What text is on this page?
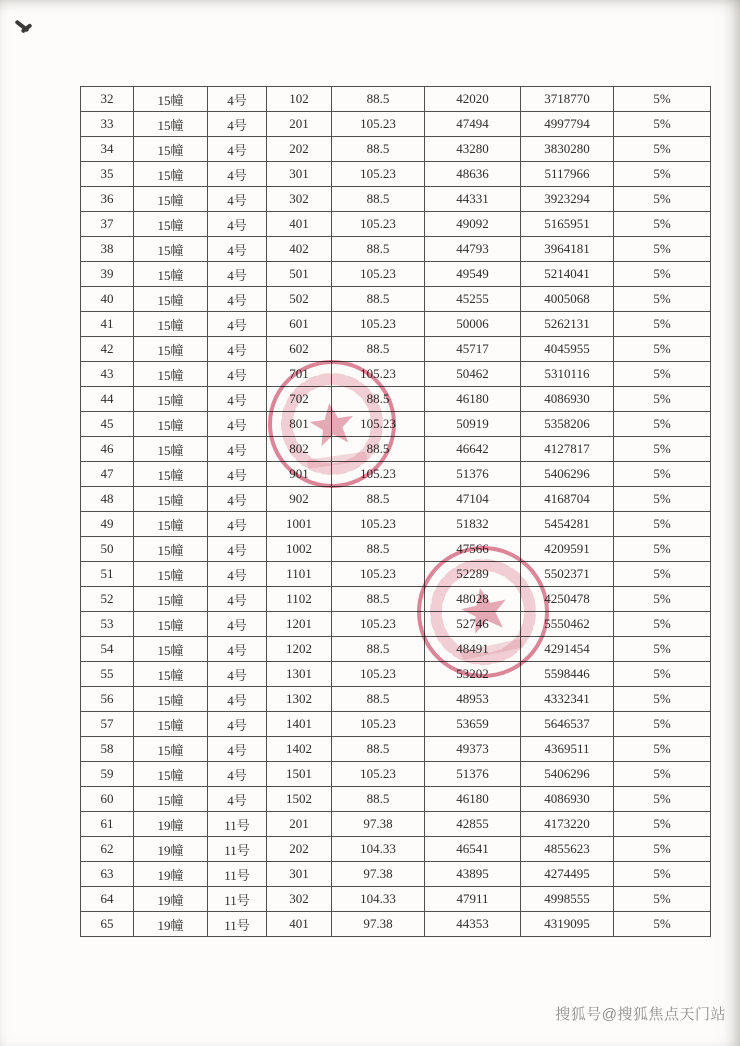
32	15幢	4号	102	88.5	42020	3718770	5%
33	15幢	4号	201	105.23	47494	4997794	5%
34	15幢	4号	202	88.5	43280	3830280	5%
35	15幢	4号	301	105.23	48636	5117966	5%
36	15幢	4号	302	88.5	44331	3923294	5%
37	15幢	4号	401	105.23	49092	5165951	5%
38	15幢	4号	402	88.5	44793	3964181	5%
39	15幢	4号	501	105.23	49549	5214041	5%
40	15幢	4号	502	88.5	45255	4005068	5%
41	15幢	4号	601	105.23	50006	5262131	5%
42	15幢	4号	602	88.5	45717	4045955	5%
43	15幢	4号	701	105.23	50462	5310116	5%
44	15幢	4号	702	88.5	46180	4086930	5%
45	15幢	4号	801	105.23	50919	5358206	5%
46	15幢	4号	802	88.5	46642	4127817	5%
47	15幢	4号	901	105.23	51376	5406296	5%
48	15幢	4号	902	88.5	47104	4168704	5%
49	15幢	4号	1001	105.23	51832	5454281	5%
50	15幢	4号	1002	88.5	47566	4209591	5%
51	15幢	4号	1101	105.23	52289	5502371	5%
52	15幢	4号	1102	88.5	48028	4250478	5%
53	15幢	4号	1201	105.23	52746	5550462	5%
54	15幢	4号	1202	88.5	48491	4291454	5%
55	15幢	4号	1301	105.23	53202	5598446	5%
56	15幢	4号	1302	88.5	48953	4332341	5%
57	15幢	4号	1401	105.23	53659	5646537	5%
58	15幢	4号	1402	88.5	49373	4369511	5%
59	15幢	4号	1501	105.23	51376	5406296	5%
60	15幢	4号	1502	88.5	46180	4086930	5%
61	19幢	11号	201	97.38	42855	4173220	5%
62	19幢	11号	202	104.33	46541	4855623	5%
63	19幢	11号	301	97.38	43895	4274495	5%
64	19幢	11号	302	104.33	47911	4998555	5%
65	19幢	11号	401	97.38	44353	4319095	5%
搜狐号@搜狐焦点天门站
